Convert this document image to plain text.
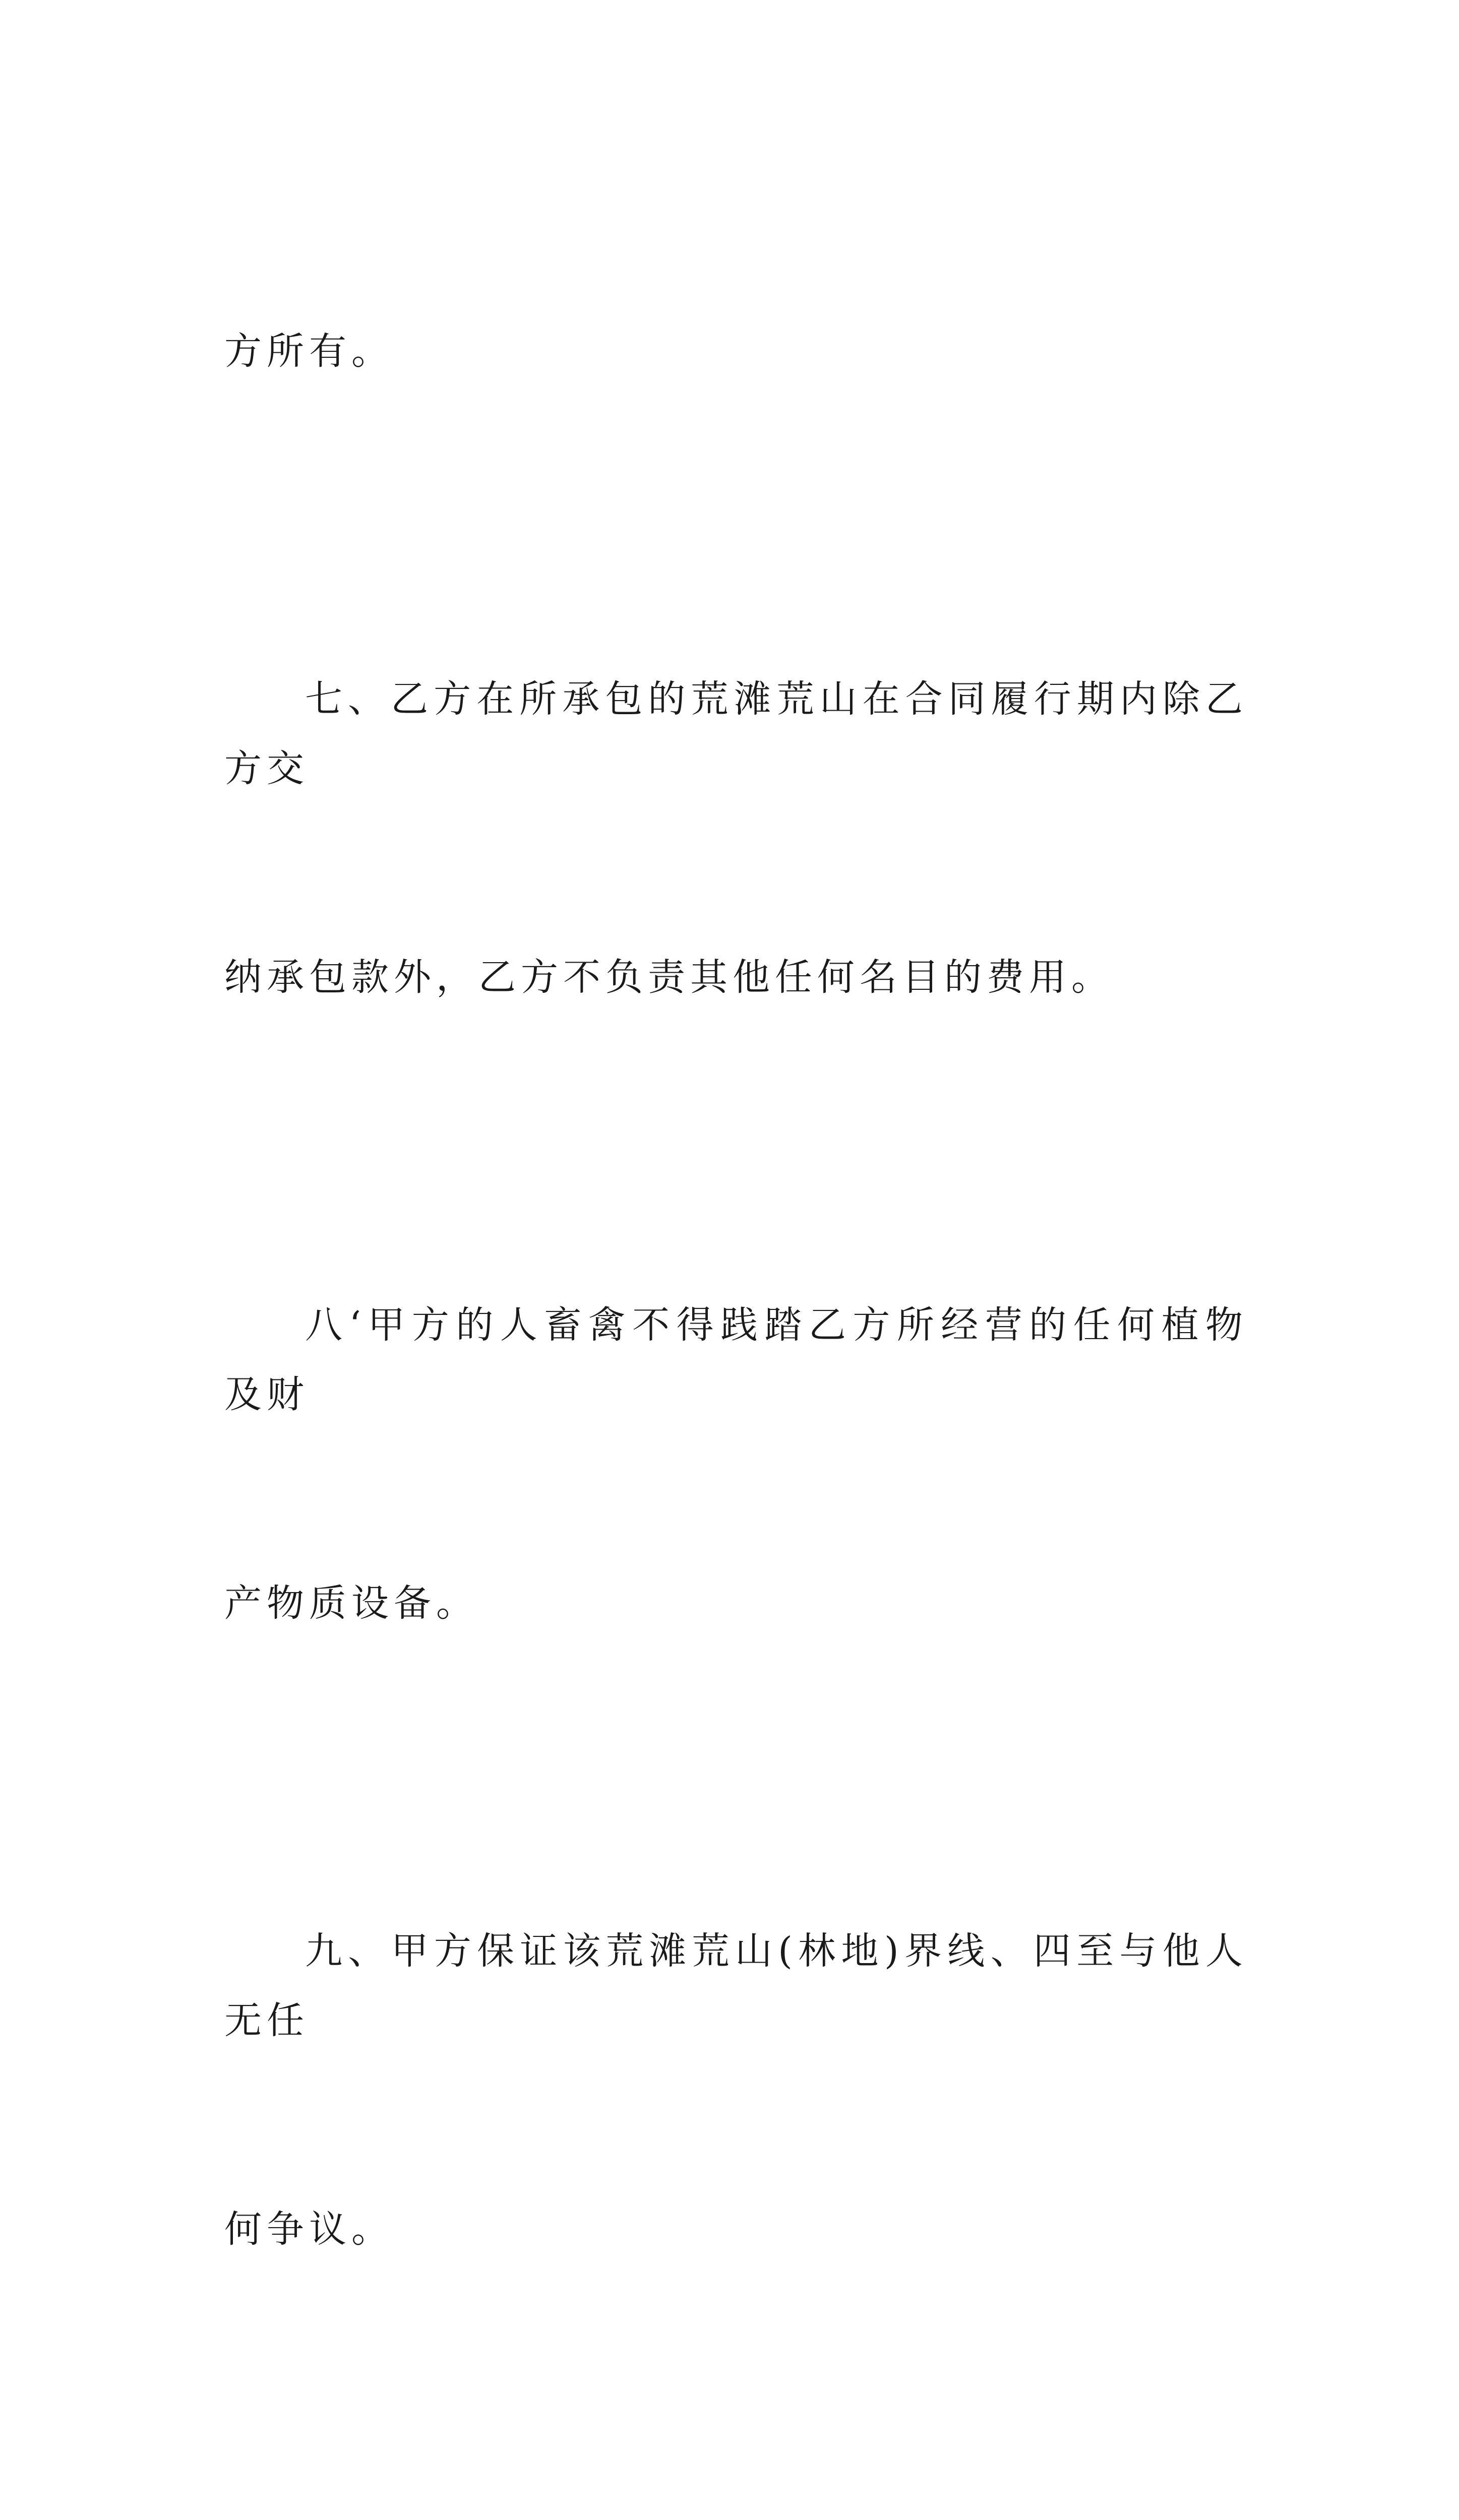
方所有。

七、乙方在所承包的荒滩荒山在合同履行期内除乙方交

纳承包款外，乙方不负责其他任何名目的费用。

八‘甲方的人畜禽不得践踏乙方所经营的任何植物及财

产物质设备。

九、甲方保证该荒滩荒山(林地)界线、四至与他人无任

何争议。
